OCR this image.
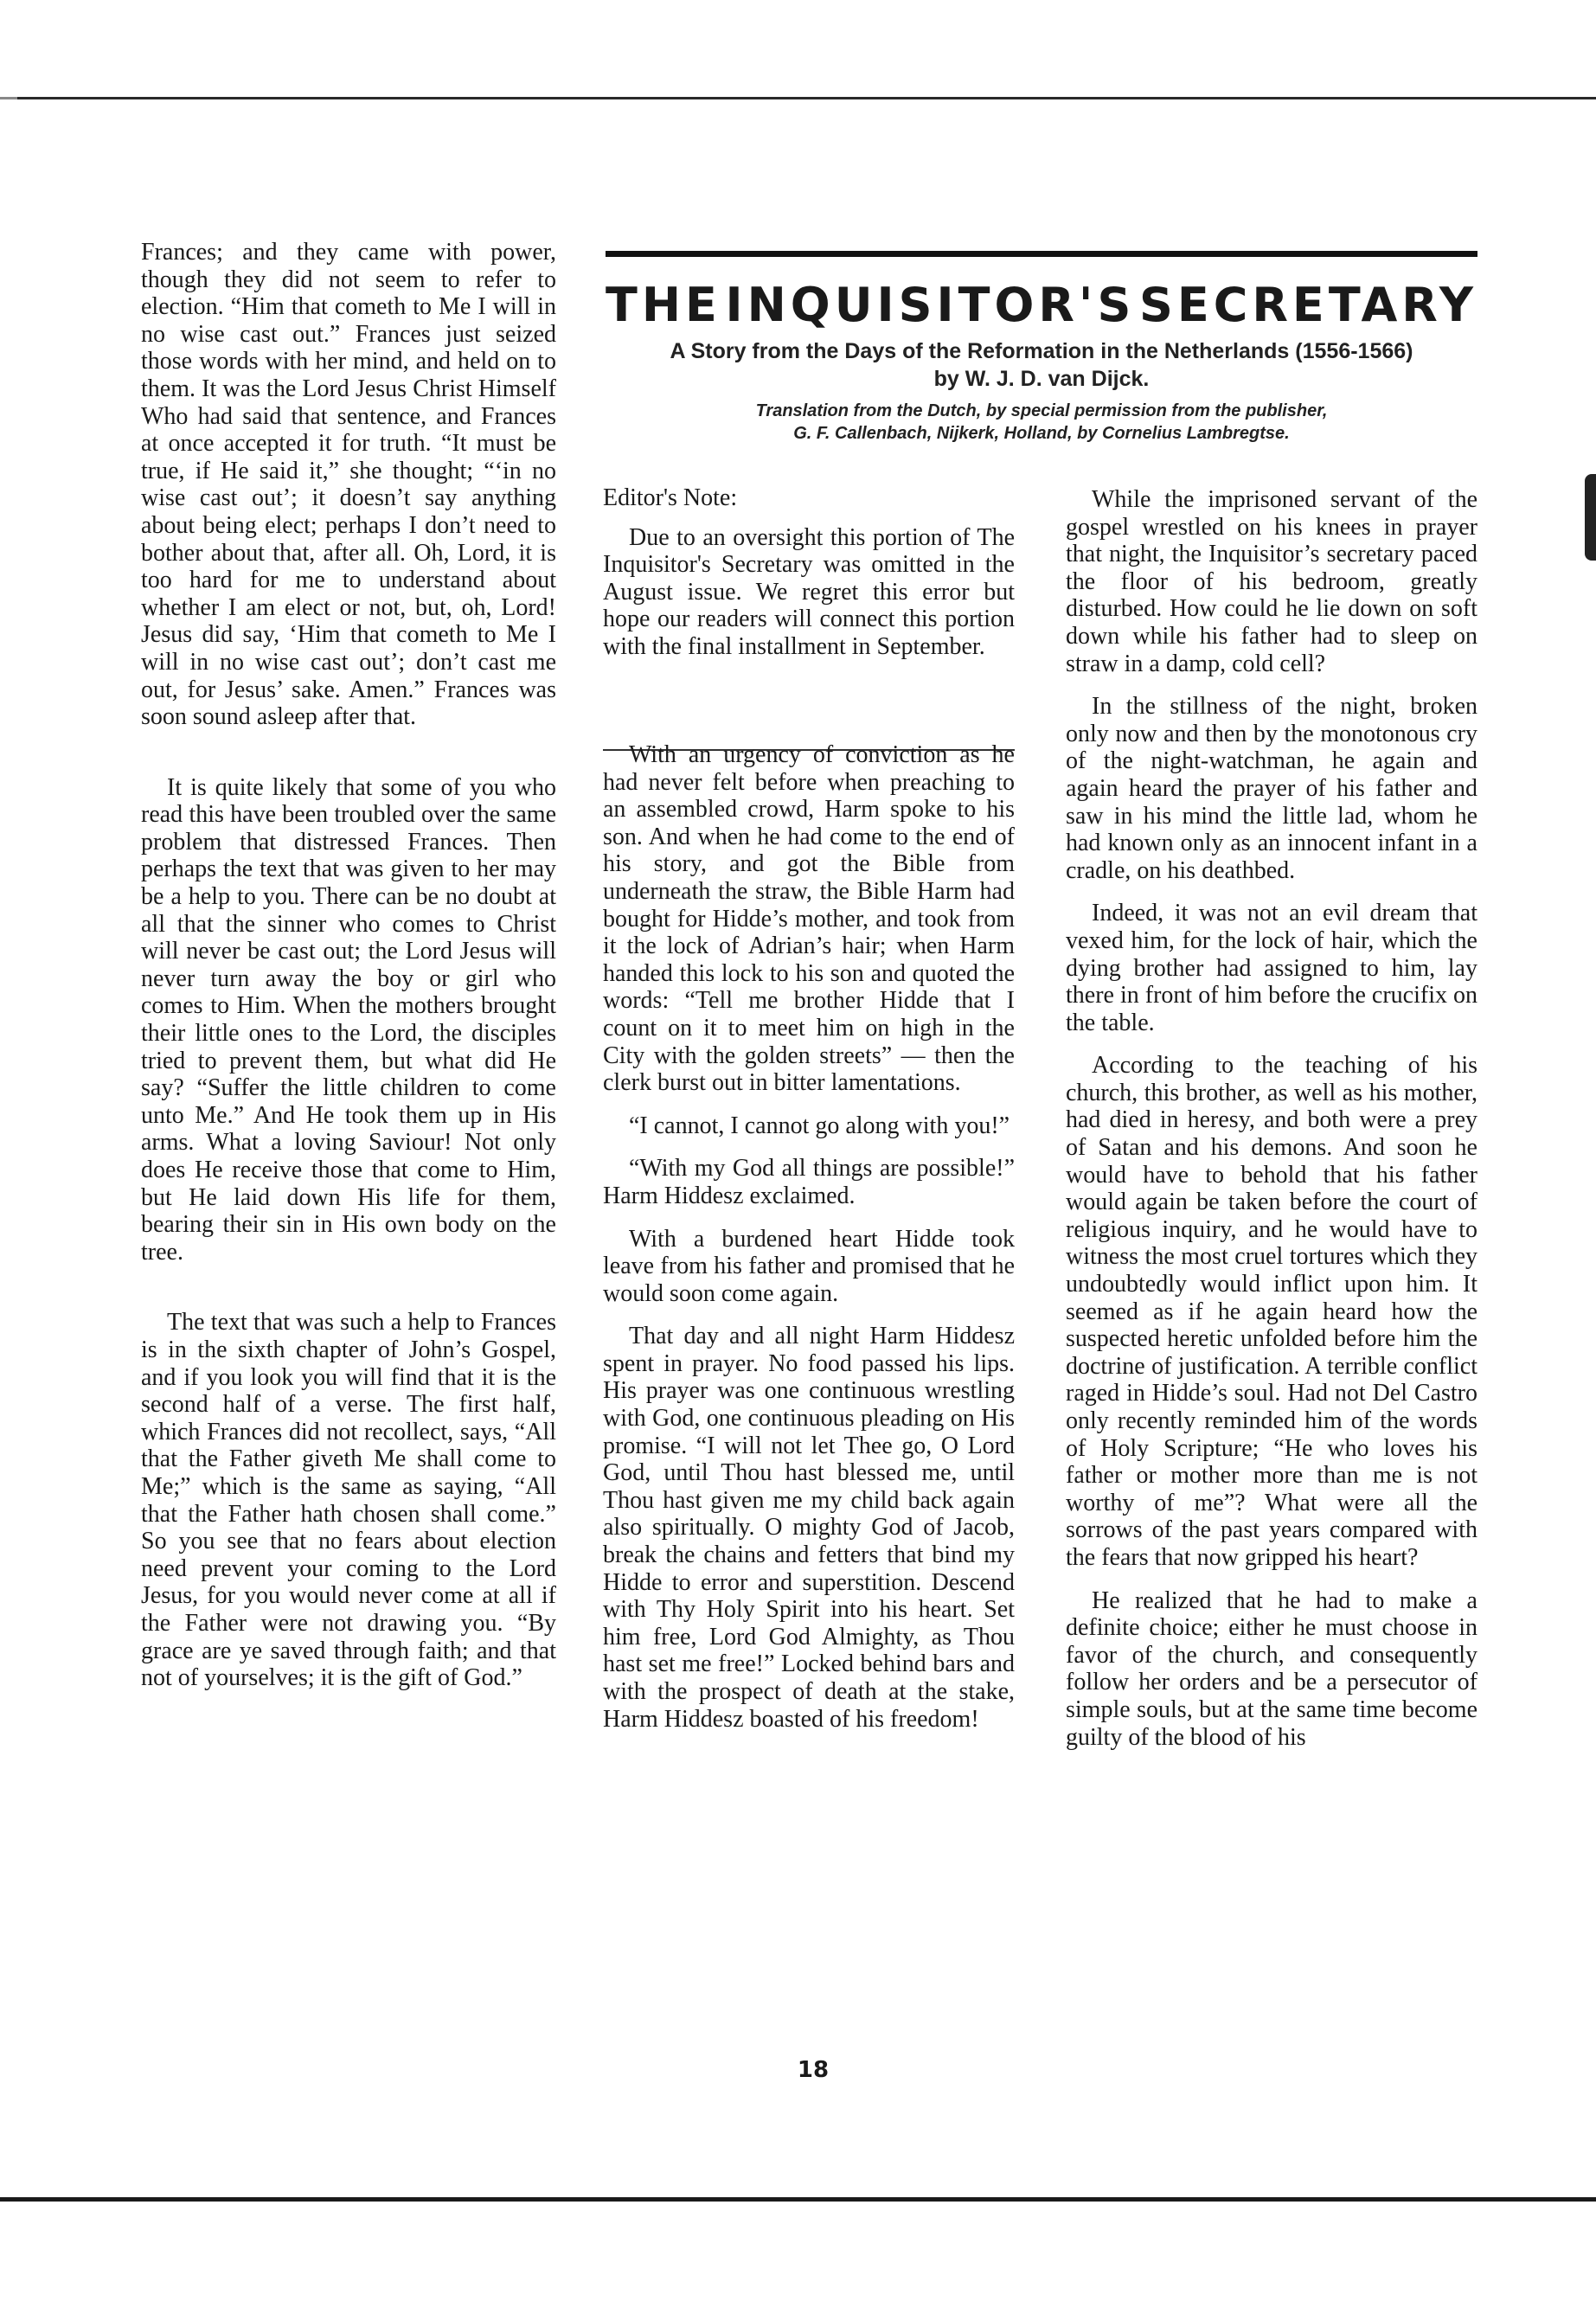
Frances; and they came with power, though they did not seem to refer to election. “Him that cometh to Me I will in no wise cast out.” Frances just seized those words with her mind, and held on to them. It was the Lord Jesus Christ Himself Who had said that sentence, and Frances at once accepted it for truth. “It must be true, if He said it,” she thought; “‘in no wise cast out’; it doesn’t say anything about being elect; perhaps I don’t need to bother about that, after all. Oh, Lord, it is too hard for me to understand about whether I am elect or not, but, oh, Lord! Jesus did say, ‘Him that cometh to Me I will in no wise cast out’; don’t cast me out, for Jesus’ sake. Amen.” Frances was soon sound asleep after that.

It is quite likely that some of you who read this have been troubled over the same problem that distressed Frances. Then perhaps the text that was given to her may be a help to you. There can be no doubt at all that the sinner who comes to Christ will never be cast out; the Lord Jesus will never turn away the boy or girl who comes to Him. When the mothers brought their little ones to the Lord, the disciples tried to prevent them, but what did He say? “Suffer the little children to come unto Me.” And He took them up in His arms. What a loving Saviour! Not only does He receive those that come to Him, but He laid down His life for them, bearing their sin in His own body on the tree.

The text that was such a help to Frances is in the sixth chapter of John’s Gospel, and if you look you will find that it is the second half of a verse. The first half, which Frances did not recollect, says, “All that the Father giveth Me shall come to Me;” which is the same as saying, “All that the Father hath chosen shall come.” So you see that no fears about election need prevent your coming to the Lord Jesus, for you would never come at all if the Father were not drawing you. “By grace are ye saved through faith; and that not of yourselves; it is the gift of God.”

THE INQUISITOR'S SECRETARY
A Story from the Days of the Reformation in the Netherlands (1556-1566)
by W. J. D. van Dijck.
Translation from the Dutch, by special permission from the publisher,
G. F. Callenbach, Nijkerk, Holland, by Cornelius Lambregtse.

Editor's Note:

Due to an oversight this portion of The Inquisitor's Secretary was omitted in the August issue. We regret this error but hope our readers will connect this portion with the final installment in September.

With an urgency of conviction as he had never felt before when preaching to an assembled crowd, Harm spoke to his son. And when he had come to the end of his story, and got the Bible from underneath the straw, the Bible Harm had bought for Hidde’s mother, and took from it the lock of Adrian’s hair; when Harm handed this lock to his son and quoted the words: “Tell me brother Hidde that I count on it to meet him on high in the City with the golden streets” — then the clerk burst out in bitter lamentations.

“I cannot, I cannot go along with you!”

“With my God all things are possible!” Harm Hiddesz exclaimed.

With a burdened heart Hidde took leave from his father and promised that he would soon come again.

That day and all night Harm Hiddesz spent in prayer. No food passed his lips. His prayer was one continuous wrestling with God, one continuous pleading on His promise. “I will not let Thee go, O Lord God, until Thou hast blessed me, until Thou hast given me my child back again also spiritually. O mighty God of Jacob, break the chains and fetters that bind my Hidde to error and superstition. Descend with Thy Holy Spirit into his heart. Set him free, Lord God Almighty, as Thou hast set me free!” Locked behind bars and with the prospect of death at the stake, Harm Hiddesz boasted of his freedom!

While the imprisoned servant of the gospel wrestled on his knees in prayer that night, the Inquisitor’s secretary paced the floor of his bedroom, greatly disturbed. How could he lie down on soft down while his father had to sleep on straw in a damp, cold cell?

In the stillness of the night, broken only now and then by the monotonous cry of the night-watchman, he again and again heard the prayer of his father and saw in his mind the little lad, whom he had known only as an innocent infant in a cradle, on his deathbed.

Indeed, it was not an evil dream that vexed him, for the lock of hair, which the dying brother had assigned to him, lay there in front of him before the crucifix on the table.

According to the teaching of his church, this brother, as well as his mother, had died in heresy, and both were a prey of Satan and his demons. And soon he would have to behold that his father would again be taken before the court of religious inquiry, and he would have to witness the most cruel tortures which they undoubtedly would inflict upon him. It seemed as if he again heard how the suspected heretic unfolded before him the doctrine of justification. A terrible conflict raged in Hidde’s soul. Had not Del Castro only recently reminded him of the words of Holy Scripture; “He who loves his father or mother more than me is not worthy of me”? What were all the sorrows of the past years compared with the fears that now gripped his heart?

He realized that he had to make a definite choice; either he must choose in favor of the church, and consequently follow her orders and be a persecutor of simple souls, but at the same time become guilty of the blood of his

18
